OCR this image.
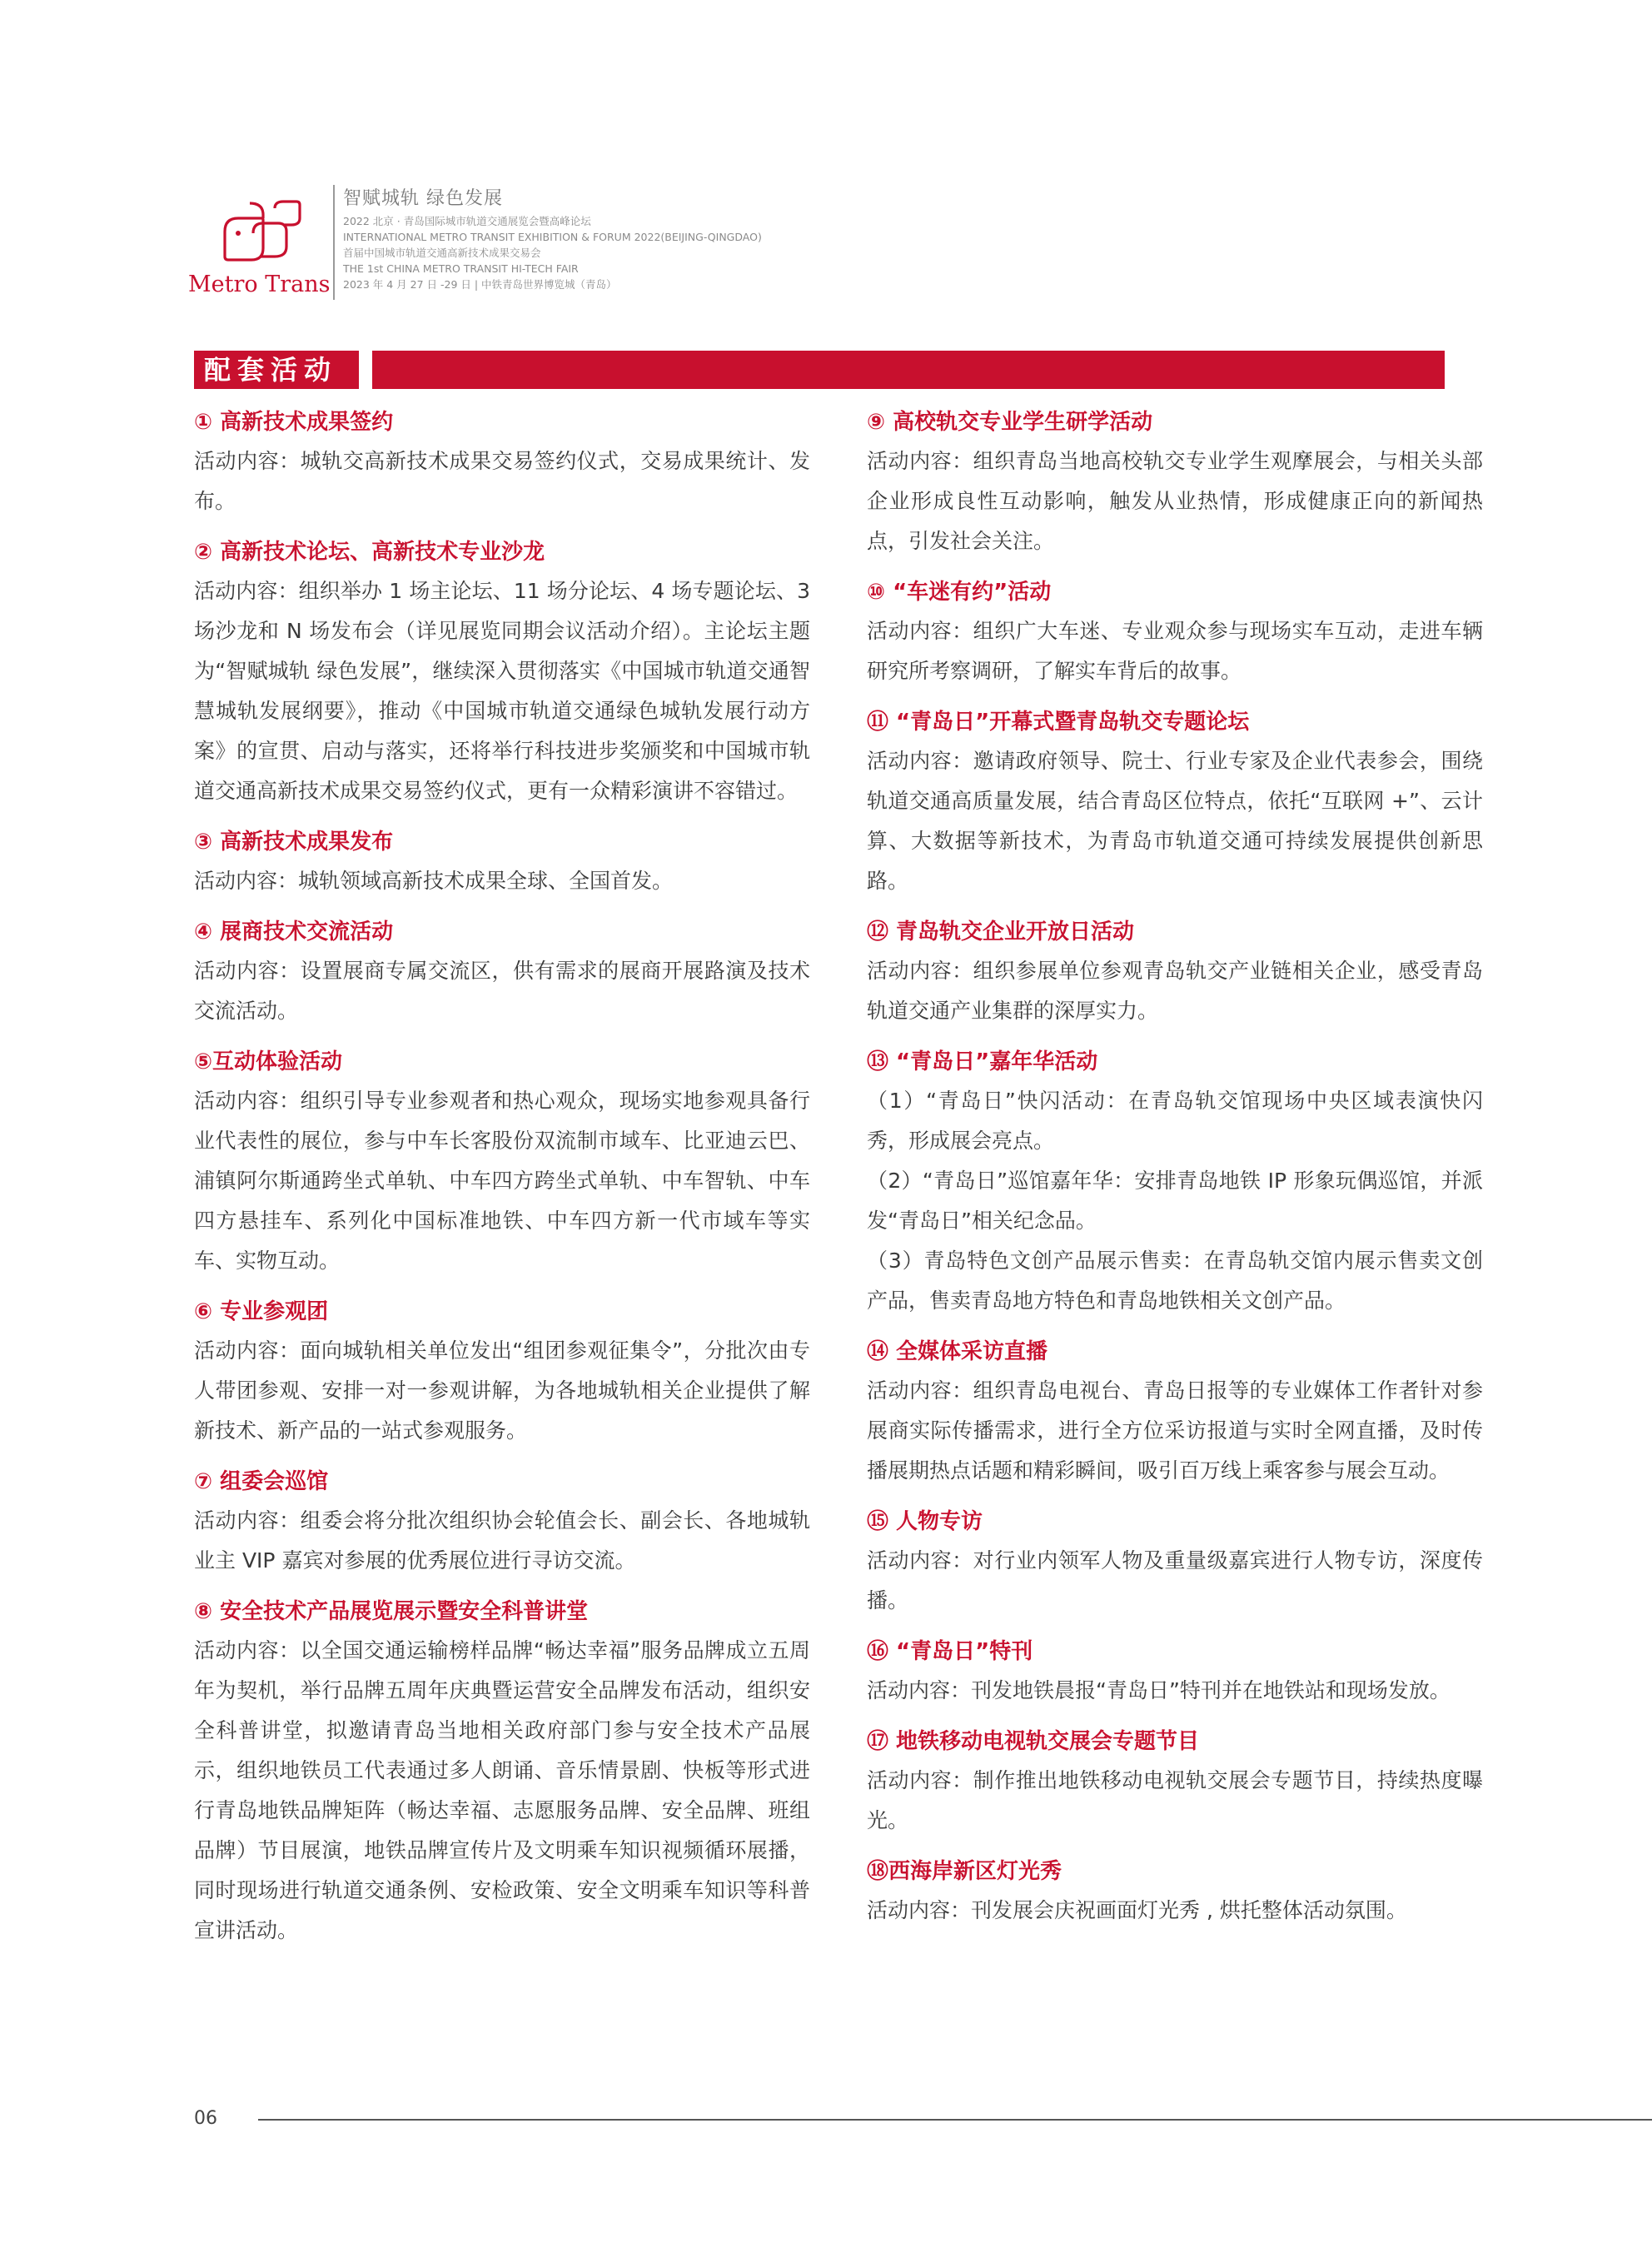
Metro Trans
智赋城轨 绿色发展
2022 北京 · 青岛国际城市轨道交通展览会暨高峰论坛
INTERNATIONAL METRO TRANSIT EXHIBITION & FORUM 2022(BEIJING-QINGDAO)
首届中国城市轨道交通高新技术成果交易会
THE 1st CHINA METRO TRANSIT HI-TECH FAIR
2023 年 4 月 27 日 -29 日 | 中铁青岛世界博览城（青岛）
配套活动
① 高新技术成果签约

活动内容：城轨交高新技术成果交易签约仪式，交易成果统计、发布。

② 高新技术论坛、高新技术专业沙龙

活动内容：组织举办 1 场主论坛、11 场分论坛、4 场专题论坛、3 场沙龙和 N 场发布会（详见展览同期会议活动介绍）。主论坛主题为“智赋城轨 绿色发展”，继续深入贯彻落实《中国城市轨道交通智慧城轨发展纲要》，推动《中国城市轨道交通绿色城轨发展行动方案》的宣贯、启动与落实，还将举行科技进步奖颁奖和中国城市轨道交通高新技术成果交易签约仪式，更有一众精彩演讲不容错过。

③ 高新技术成果发布

活动内容：城轨领域高新技术成果全球、全国首发。

④ 展商技术交流活动

活动内容：设置展商专属交流区，供有需求的展商开展路演及技术交流活动。

⑤互动体验活动

活动内容：组织引导专业参观者和热心观众，现场实地参观具备行业代表性的展位，参与中车长客股份双流制市域车、比亚迪云巴、浦镇阿尔斯通跨坐式单轨、中车四方跨坐式单轨、中车智轨、中车四方悬挂车、系列化中国标准地铁、中车四方新一代市域车等实车、实物互动。

⑥ 专业参观团

活动内容：面向城轨相关单位发出“组团参观征集令”，分批次由专人带团参观、安排一对一参观讲解，为各地城轨相关企业提供了解新技术、新产品的一站式参观服务。

⑦ 组委会巡馆

活动内容：组委会将分批次组织协会轮值会长、副会长、各地城轨业主 VIP 嘉宾对参展的优秀展位进行寻访交流。

⑧ 安全技术产品展览展示暨安全科普讲堂

活动内容：以全国交通运输榜样品牌“畅达幸福”服务品牌成立五周年为契机，举行品牌五周年庆典暨运营安全品牌发布活动，组织安全科普讲堂，拟邀请青岛当地相关政府部门参与安全技术产品展示，组织地铁员工代表通过多人朗诵、音乐情景剧、快板等形式进行青岛地铁品牌矩阵（畅达幸福、志愿服务品牌、安全品牌、班组品牌）节目展演，地铁品牌宣传片及文明乘车知识视频循环展播，同时现场进行轨道交通条例、安检政策、安全文明乘车知识等科普宣讲活动。

⑨ 高校轨交专业学生研学活动

活动内容：组织青岛当地高校轨交专业学生观摩展会，与相关头部企业形成良性互动影响，触发从业热情，形成健康正向的新闻热点，引发社会关注。

⑩ “车迷有约”活动

活动内容：组织广大车迷、专业观众参与现场实车互动，走进车辆研究所考察调研，了解实车背后的故事。

⑪ “青岛日”开幕式暨青岛轨交专题论坛

活动内容：邀请政府领导、院士、行业专家及企业代表参会，围绕轨道交通高质量发展，结合青岛区位特点，依托“互联网 +”、云计算、大数据等新技术，为青岛市轨道交通可持续发展提供创新思路。

⑫ 青岛轨交企业开放日活动

活动内容：组织参展单位参观青岛轨交产业链相关企业，感受青岛轨道交通产业集群的深厚实力。

⑬ “青岛日”嘉年华活动

（1）“青岛日”快闪活动：在青岛轨交馆现场中央区域表演快闪秀，形成展会亮点。

（2）“青岛日”巡馆嘉年华：安排青岛地铁 IP 形象玩偶巡馆，并派发“青岛日”相关纪念品。

（3）青岛特色文创产品展示售卖：在青岛轨交馆内展示售卖文创产品，售卖青岛地方特色和青岛地铁相关文创产品。

⑭ 全媒体采访直播

活动内容：组织青岛电视台、青岛日报等的专业媒体工作者针对参展商实际传播需求，进行全方位采访报道与实时全网直播，及时传播展期热点话题和精彩瞬间，吸引百万线上乘客参与展会互动。

⑮ 人物专访

活动内容：对行业内领军人物及重量级嘉宾进行人物专访，深度传播。

⑯ “青岛日”特刊

活动内容：刊发地铁晨报“青岛日”特刊并在地铁站和现场发放。

⑰ 地铁移动电视轨交展会专题节目

活动内容：制作推出地铁移动电视轨交展会专题节目，持续热度曝光。

⑱西海岸新区灯光秀

活动内容：刊发展会庆祝画面灯光秀 , 烘托整体活动氛围。

06
